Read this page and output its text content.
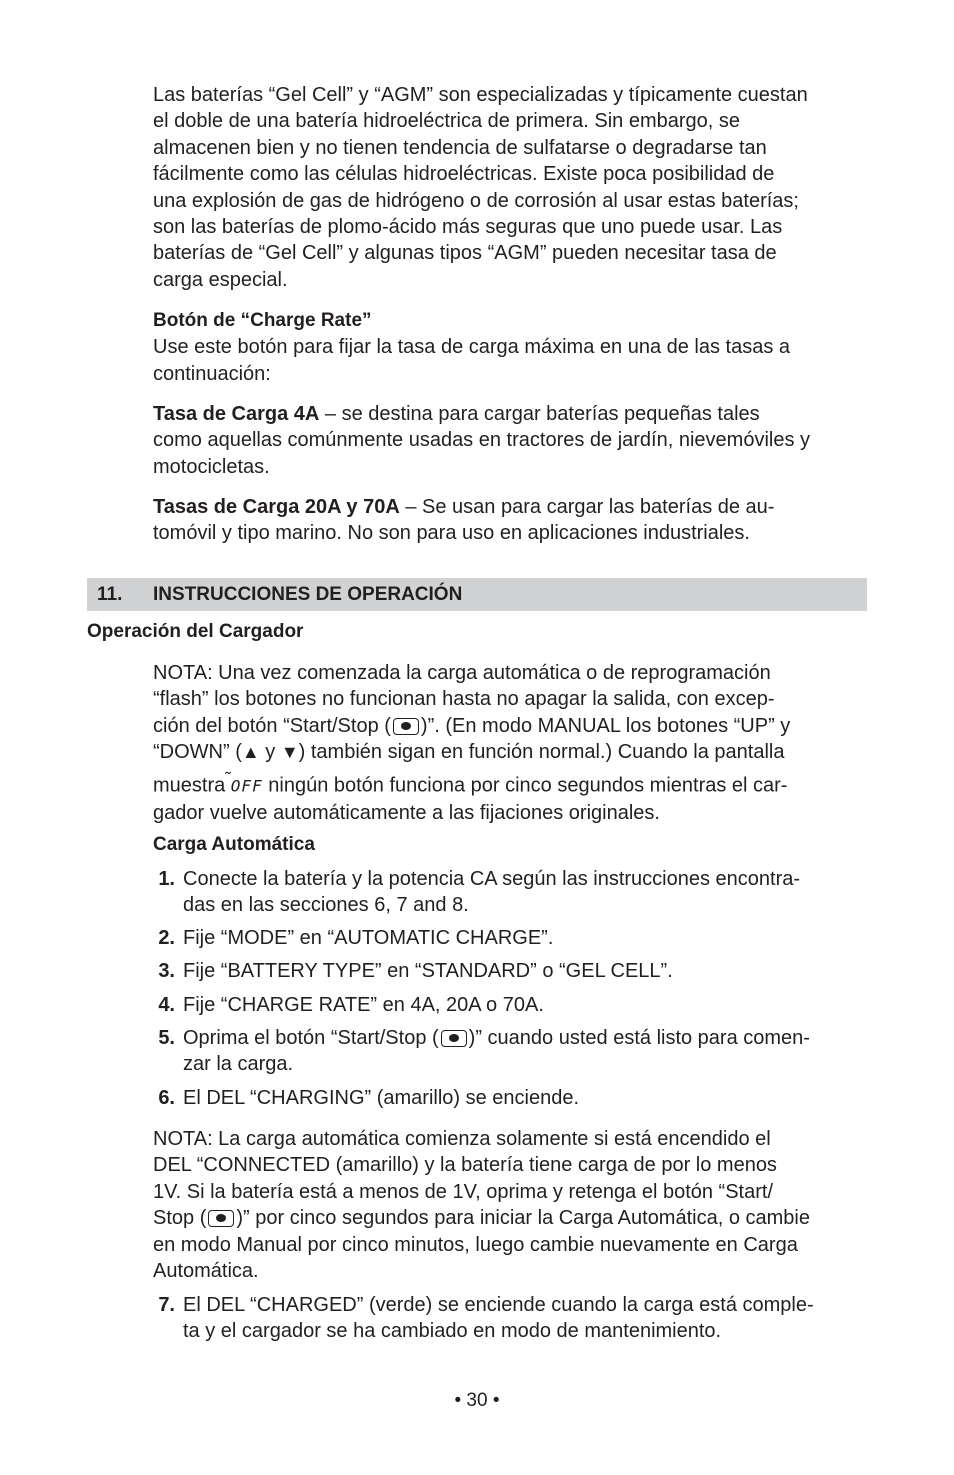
Las baterías “Gel Cell” y “AGM” son especializadas y típicamente cuestan
el doble de una batería hidroeléctrica de primera. Sin embargo, se
almacenen bien y no tienen tendencia de sulfatarse o degradarse tan
fácilmente como las células hidroeléctricas. Existe poca posibilidad de
una explosión de gas de hidrógeno o de corrosión al usar estas baterías;
son las baterías de plomo-ácido más seguras que uno puede usar. Las
baterías de “Gel Cell” y algunas tipos “AGM” pueden necesitar tasa de
carga especial.
Botón de “Charge Rate”
Use este botón para fijar la tasa de carga máxima en una de las tasas a
continuación:
Tasa de Carga 4A – se destina para cargar baterías pequeñas tales
como aquellas comúnmente usadas en tractores de jardín, nievemóviles y
motocicletas.
Tasas de Carga 20A y 70A – Se usan para cargar las baterías de au-
tomóvil y tipo marino. No son para uso en aplicaciones industriales.
11. INSTRUCCIONES DE OPERACIÓN
Operación del Cargador
NOTA: Una vez comenzada la carga automática o de reprogramación
“flash” los botones no funcionan hasta no apagar la salida, con excep-
ción del botón “Start/Stop ( )”. (En modo MANUAL los botones “UP” y
“DOWN” (▲ y ▼) también sigan en función normal.) Cuando la pantalla
muestra˜OFF ningún botón funciona por cinco segundos mientras el car-
gador vuelve automáticamente a las fijaciones originales.
Carga Automática
1. Conecte la batería y la potencia CA según las instrucciones encontra-
das en las secciones 6, 7 and 8.
2. Fije “MODE” en “AUTOMATIC CHARGE”.
3. Fije “BATTERY TYPE” en “STANDARD” o “GEL CELL”.
4. Fije “CHARGE RATE” en 4A, 20A o 70A.
5. Oprima el botón “Start/Stop ( )” cuando usted está listo para comen-
zar la carga.
6. El DEL “CHARGING” (amarillo) se enciende.
NOTA: La carga automática comienza solamente si está encendido el
DEL “CONNECTED (amarillo) y la batería tiene carga de por lo menos
1V. Si la batería está a menos de 1V, oprima y retenga el botón “Start/
Stop ( )” por cinco segundos para iniciar la Carga Automática, o cambie
en modo Manual por cinco minutos, luego cambie nuevamente en Carga
Automática.
7. El DEL “CHARGED” (verde) se enciende cuando la carga está comple-
ta y el cargador se ha cambiado en modo de mantenimiento.
• 30 •
